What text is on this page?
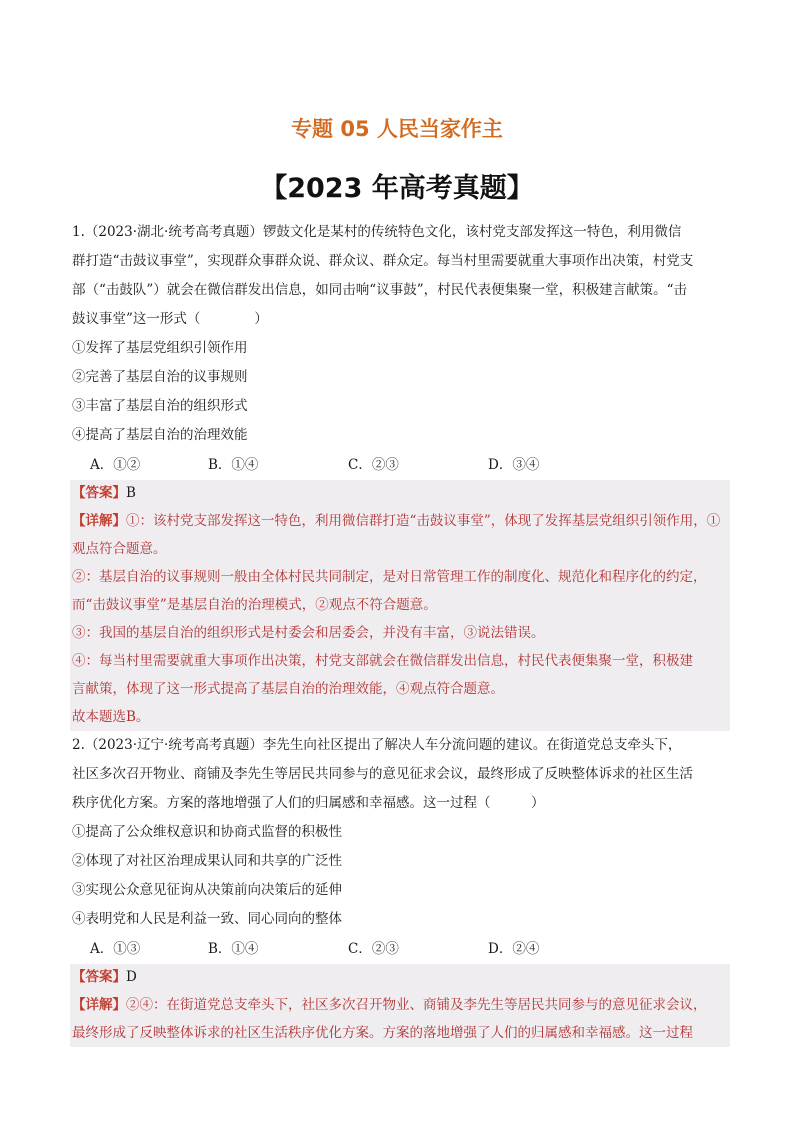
专题 05 人民当家作主
【2023 年高考真题】
1.（2023·湖北·统考高考真题）锣鼓文化是某村的传统特色文化，该村党支部发挥这一特色，利用微信
群打造“击鼓议事堂”，实现群众事群众说、群众议、群众定。每当村里需要就重大事项作出决策，村党支
部（“击鼓队”）就会在微信群发出信息，如同击响“议事鼓”，村民代表便集聚一堂，积极建言献策。“击
鼓议事堂”这一形式（　　　　）
①发挥了基层党组织引领作用
②完善了基层自治的议事规则
③丰富了基层自治的组织形式
④提高了基层自治的治理效能
A．①②	B．①④	C．②③	D．③④
【答案】B
【详解】①：该村党支部发挥这一特色，利用微信群打造“击鼓议事堂”，体现了发挥基层党组织引领作用，①
观点符合题意。
②：基层自治的议事规则一般由全体村民共同制定，是对日常管理工作的制度化、规范化和程序化的约定，
而“击鼓议事堂”是基层自治的治理模式，②观点不符合题意。
③：我国的基层自治的组织形式是村委会和居委会，并没有丰富，③说法错误。
④：每当村里需要就重大事项作出决策，村党支部就会在微信群发出信息，村民代表便集聚一堂，积极建
言献策，体现了这一形式提高了基层自治的治理效能，④观点符合题意。
故本题选B。
2.（2023·辽宁·统考高考真题）李先生向社区提出了解决人车分流问题的建议。在街道党总支牵头下，
社区多次召开物业、商铺及李先生等居民共同参与的意见征求会议，最终形成了反映整体诉求的社区生活
秩序优化方案。方案的落地增强了人们的归属感和幸福感。这一过程（　　　）
①提高了公众维权意识和协商式监督的积极性
②体现了对社区治理成果认同和共享的广泛性
③实现公众意见征询从决策前向决策后的延伸
④表明党和人民是利益一致、同心同向的整体
A．①③	B．①④	C．②③	D．②④
【答案】D
【详解】②④：在街道党总支牵头下，社区多次召开物业、商铺及李先生等居民共同参与的意见征求会议，
最终形成了反映整体诉求的社区生活秩序优化方案。方案的落地增强了人们的归属感和幸福感。这一过程
